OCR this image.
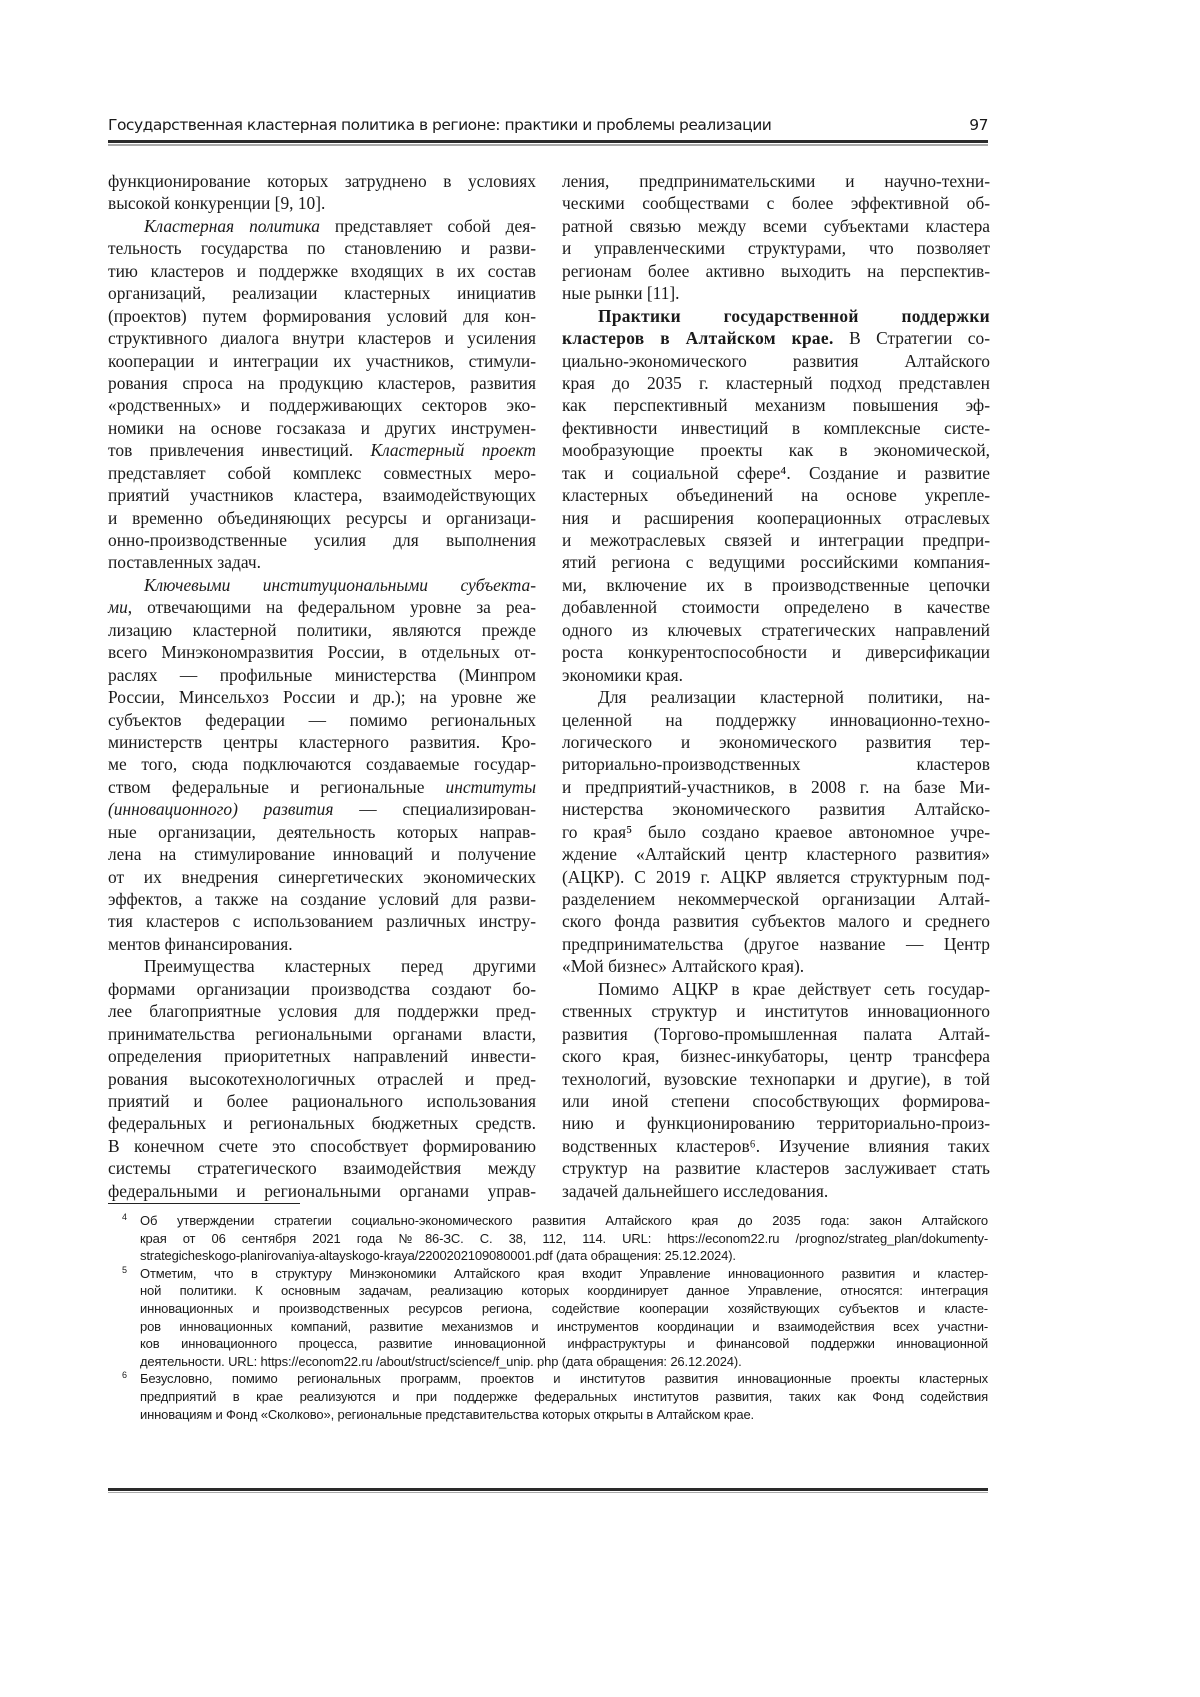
Государственная кластерная политика в регионе: практики и проблемы реализации	97
функционирование которых затруднено в условиях
высокой конкуренции [9, 10].
Кластерная политика представляет собой дея-
тельность государства по становлению и разви-
тию кластеров и поддержке входящих в их состав
организаций, реализации кластерных инициатив
(проектов) путем формирования условий для кон-
структивного диалога внутри кластеров и усиления
кооперации и интеграции их участников, стимули-
рования спроса на продукцию кластеров, развития
«родственных» и поддерживающих секторов эко-
номики на основе госзаказа и других инструмен-
тов привлечения инвестиций. Кластерный проект
представляет собой комплекс совместных меро-
приятий участников кластера, взаимодействующих
и временно объединяющих ресурсы и организаци-
онно-производственные усилия для выполнения
поставленных задач.
Ключевыми институциональными субъекта-
ми, отвечающими на федеральном уровне за реа-
лизацию кластерной политики, являются прежде
всего Минэкономразвития России, в отдельных от-
раслях — профильные министерства (Минпром
России, Минсельхоз России и др.); на уровне же
субъектов федерации — помимо региональных
министерств центры кластерного развития. Кро-
ме того, сюда подключаются создаваемые государ-
ством федеральные и региональные институты
(инновационного) развития — специализирован-
ные организации, деятельность которых направ-
лена на стимулирование инноваций и получение
от их внедрения синергетических экономических
эффектов, а также на создание условий для разви-
тия кластеров с использованием различных инстру-
ментов финансирования.
Преимущества кластерных перед другими
формами организации производства создают бо-
лее благоприятные условия для поддержки пред-
принимательства региональными органами власти,
определения приоритетных направлений инвести-
рования высокотехнологичных отраслей и пред-
приятий и более рационального использования
федеральных и региональных бюджетных средств.
В конечном счете это способствует формированию
системы стратегического взаимодействия между
федеральными и региональными органами управ-
ления, предпринимательскими и научно-техни-
ческими сообществами с более эффективной об-
ратной связью между всеми субъектами кластера
и управленческими структурами, что позволяет
регионам более активно выходить на перспектив-
ные рынки [11].
Практики государственной поддержки
кластеров в Алтайском крае. В Стратегии со-
циально-экономического развития Алтайского
края до 2035 г. кластерный подход представлен
как перспективный механизм повышения эф-
фективности инвестиций в комплексные систе-
мообразующие проекты как в экономической,
так и социальной сфере⁴. Создание и развитие
кластерных объединений на основе укрепле-
ния и расширения кооперационных отраслевых
и межотраслевых связей и интеграции предпри-
ятий региона с ведущими российскими компания-
ми, включение их в производственные цепочки
добавленной стоимости определено в качестве
одного из ключевых стратегических направлений
роста конкурентоспособности и диверсификации
экономики края.
Для реализации кластерной политики, на-
целенной на поддержку инновационно-техно-
логического и экономического развития тер-
риториально-производственных кластеров
и предприятий-участников, в 2008 г. на базе Ми-
нистерства экономического развития Алтайско-
го края⁵ было создано краевое автономное учре-
ждение «Алтайский центр кластерного развития»
(АЦКР). С 2019 г. АЦКР является структурным под-
разделением некоммерческой организации Алтай-
ского фонда развития субъектов малого и среднего
предпринимательства (другое название — Центр
«Мой бизнес» Алтайского края).
Помимо АЦКР в крае действует сеть государ-
ственных структур и институтов инновационного
развития (Торгово-промышленная палата Алтай-
ского края, бизнес-инкубаторы, центр трансфера
технологий, вузовские технопарки и другие), в той
или иной степени способствующих формирова-
нию и функционированию территориально-произ-
водственных кластеров⁶. Изучение влияния таких
структур на развитие кластеров заслуживает стать
задачей дальнейшего исследования.
4 Об утверждении стратегии социально-экономического развития Алтайского края до 2035 года: закон Алтайского
края от 06 сентября 2021 года №86-ЗС. С. 38, 112, 114. URL: https://econom22.ru /prognoz/strateg_plan/dokumenty-
strategicheskogo-planirovaniya-altayskogo-kraya/2200202109080001.pdf (дата обращения: 25.12.2024).
5 Отметим, что в структуру Минэкономики Алтайского края входит Управление инновационного развития и кластер-
ной политики. К основным задачам, реализацию которых координирует данное Управление, относятся: интеграция
инновационных и производственных ресурсов региона, содействие кооперации хозяйствующих субъектов и класте-
ров инновационных компаний, развитие механизмов и инструментов координации и взаимодействия всех участни-
ков инновационного процесса, развитие инновационной инфраструктуры и финансовой поддержки инновационной
деятельности. URL: https://econom22.ru /about/struct/science/f_unip. php (дата обращения: 26.12.2024).
6 Безусловно, помимо региональных программ, проектов и институтов развития инновационные проекты кластерных
предприятий в крае реализуются и при поддержке федеральных институтов развития, таких как Фонд содействия
инновациям и Фонд «Сколково», региональные представительства которых открыты в Алтайском крае.
